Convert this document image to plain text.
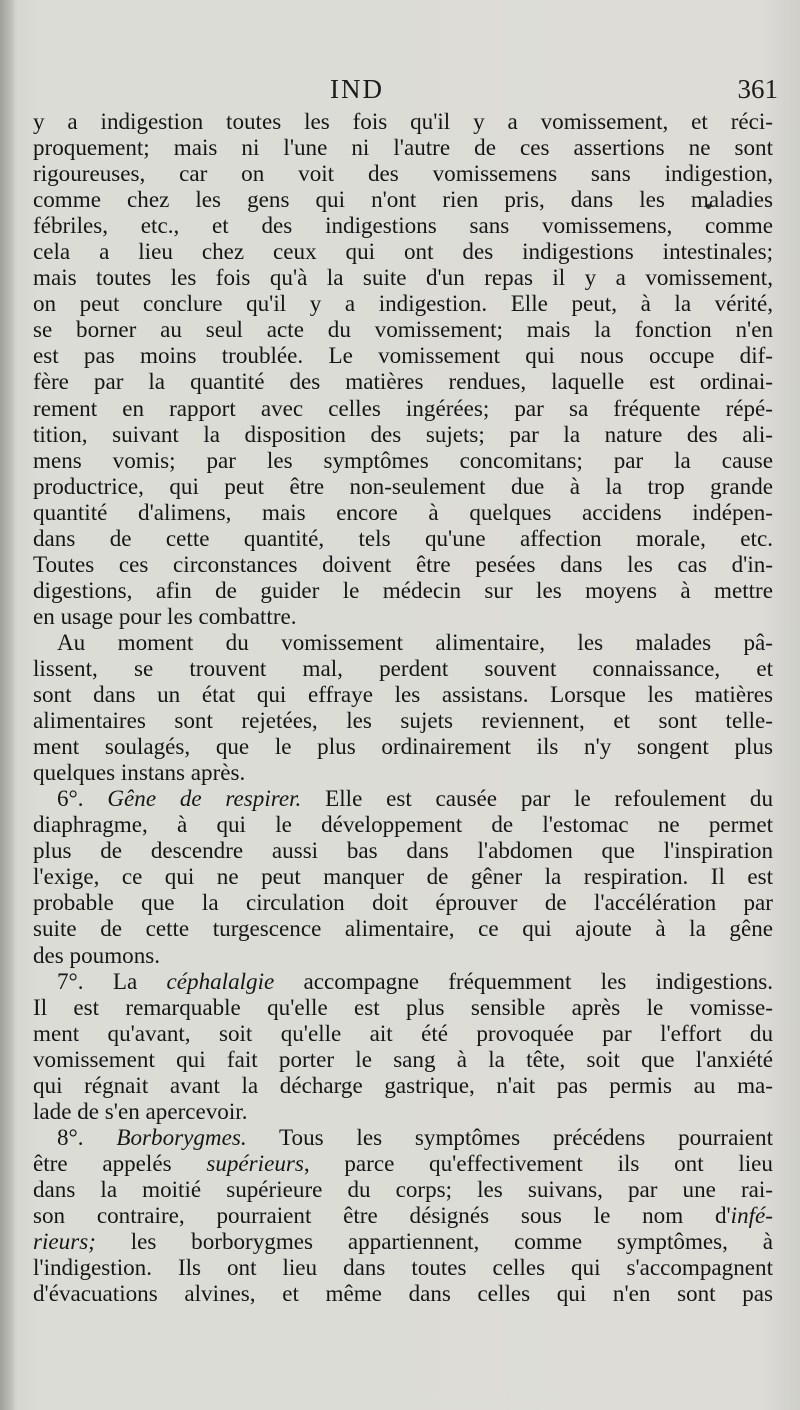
IND	361
y a indigestion toutes les fois qu'il y a vomissement, et réci-
proquement; mais ni l'une ni l'autre de ces assertions ne sont
rigoureuses, car on voit des vomissemens sans indigestion,
comme chez les gens qui n'ont rien pris, dans les maladies
fébriles, etc., et des indigestions sans vomissemens, comme
cela a lieu chez ceux qui ont des indigestions intestinales;
mais toutes les fois qu'à la suite d'un repas il y a vomissement,
on peut conclure qu'il y a indigestion. Elle peut, à la vérité,
se borner au seul acte du vomissement; mais la fonction n'en
est pas moins troublée. Le vomissement qui nous occupe dif-
fère par la quantité des matières rendues, laquelle est ordinai-
rement en rapport avec celles ingérées; par sa fréquente répé-
tition, suivant la disposition des sujets; par la nature des ali-
mens vomis; par les symptômes concomitans; par la cause
productrice, qui peut être non-seulement due à la trop grande
quantité d'alimens, mais encore à quelques accidens indépen-
dans de cette quantité, tels qu'une affection morale, etc.
Toutes ces circonstances doivent être pesées dans les cas d'in-
digestions, afin de guider le médecin sur les moyens à mettre
en usage pour les combattre.
Au moment du vomissement alimentaire, les malades pâ-
lissent, se trouvent mal, perdent souvent connaissance, et
sont dans un état qui effraye les assistans. Lorsque les matières
alimentaires sont rejetées, les sujets reviennent, et sont telle-
ment soulagés, que le plus ordinairement ils n'y songent plus
quelques instans après.
6°. Gêne de respirer. Elle est causée par le refoulement du
diaphragme, à qui le développement de l'estomac ne permet
plus de descendre aussi bas dans l'abdomen que l'inspiration
l'exige, ce qui ne peut manquer de gêner la respiration. Il est
probable que la circulation doit éprouver de l'accélération par
suite de cette turgescence alimentaire, ce qui ajoute à la gêne
des poumons.
7°. La céphalalgie accompagne fréquemment les indigestions.
Il est remarquable qu'elle est plus sensible après le vomisse-
ment qu'avant, soit qu'elle ait été provoquée par l'effort du
vomissement qui fait porter le sang à la tête, soit que l'anxiété
qui régnait avant la décharge gastrique, n'ait pas permis au ma-
lade de s'en apercevoir.
8°. Borborygmes. Tous les symptômes précédens pourraient
être appelés supérieurs, parce qu'effectivement ils ont lieu
dans la moitié supérieure du corps; les suivans, par une rai-
son contraire, pourraient être désignés sous le nom d'infé-
rieurs; les borborygmes appartiennent, comme symptômes, à
l'indigestion. Ils ont lieu dans toutes celles qui s'accompagnent
d'évacuations alvines, et même dans celles qui n'en sont pas
